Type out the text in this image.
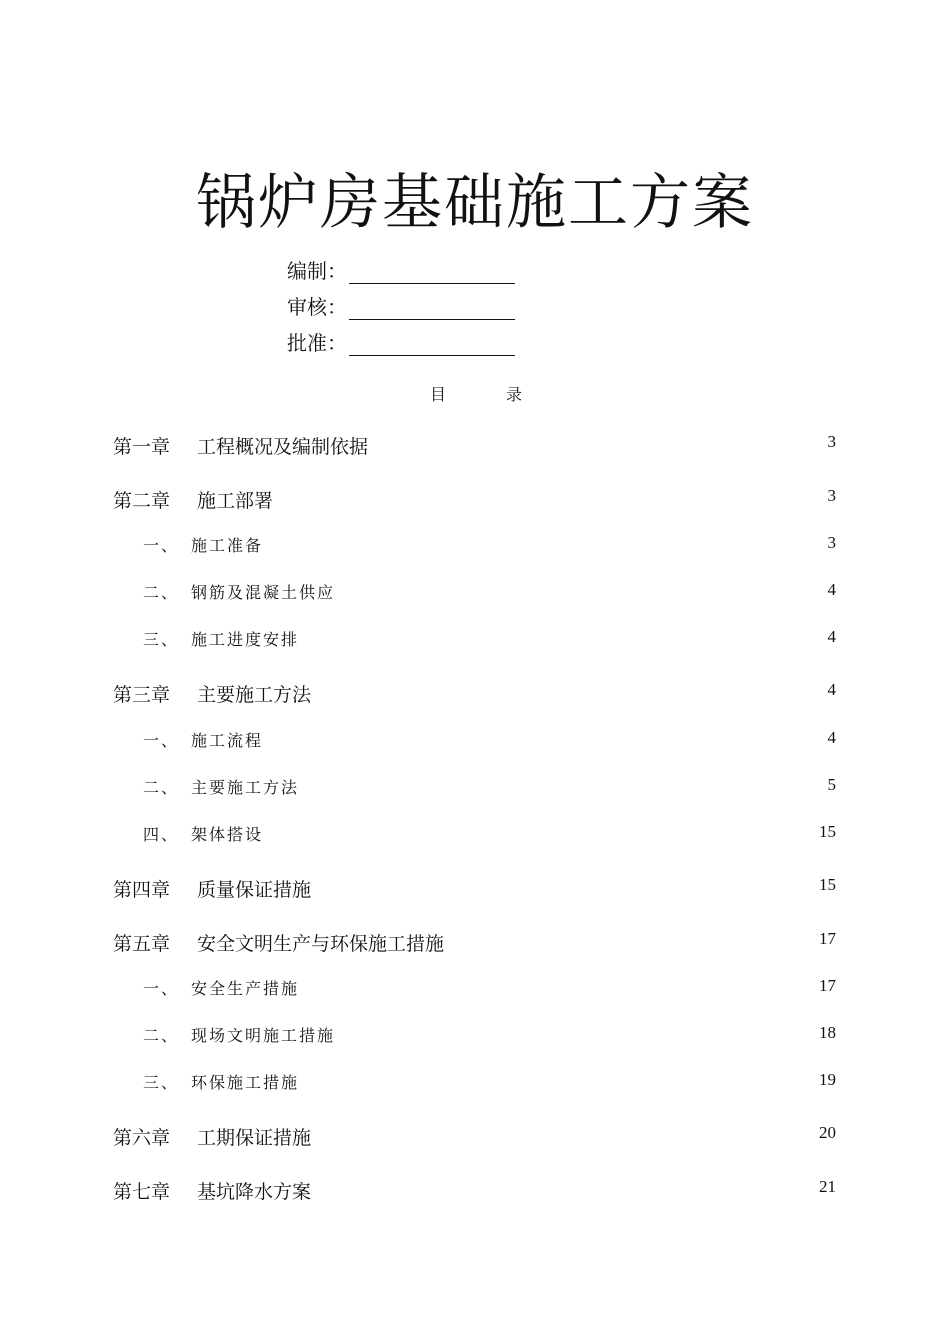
锅炉房基础施工方案
编制：
审核：
批准：
目	录
第一章 工程概况及编制依据	3
第二章 施工部署	3
一、 施工准备	3
二、 钢筋及混凝土供应	4
三、 施工进度安排	4
第三章 主要施工方法	4
一、 施工流程	4
二、 主要施工方法	5
四、 架体搭设	15
第四章 质量保证措施	15
第五章 安全文明生产与环保施工措施	17
一、 安全生产措施	17
二、 现场文明施工措施	18
三、 环保施工措施	19
第六章 工期保证措施	20
第七章 基坑降水方案	21
